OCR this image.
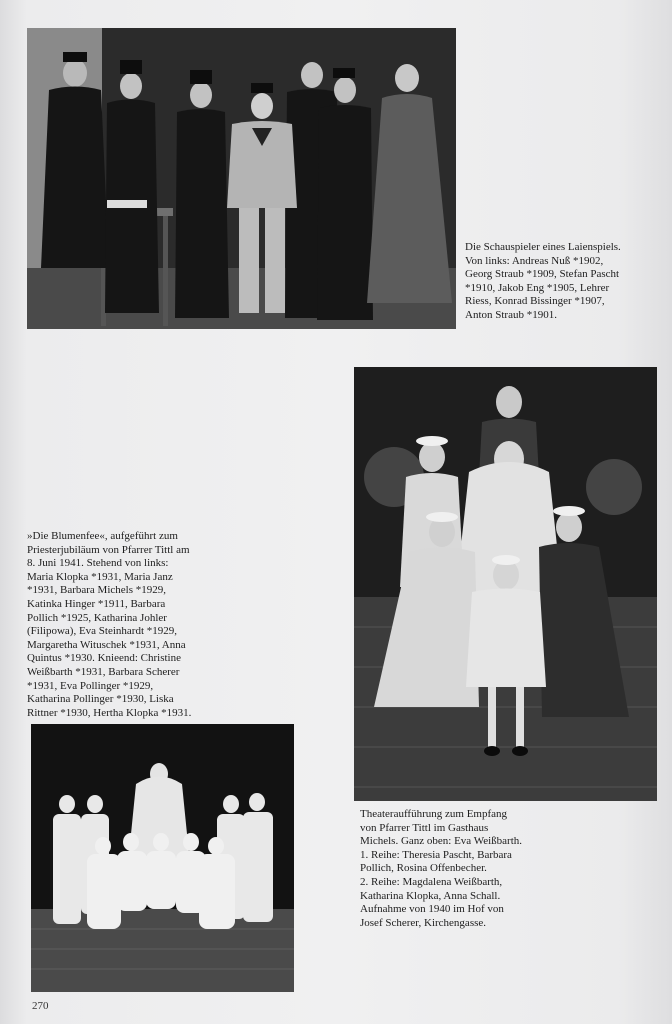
Die Schauspieler eines Laienspiels.

Von links: Andreas Nuß *1902,

Georg Straub *1909, Stefan Pascht

*1910, Jakob Eng *1905, Lehrer

Riess, Konrad Bissinger *1907,

Anton Straub *1901.

»Die Blumenfee«, aufgeführt zum

Priesterjubiläum von Pfarrer Tittl am

8. Juni 1941. Stehend von links:

Maria Klopka *1931, Maria Janz

*1931, Barbara Michels *1929,

Katinka Hinger *1911, Barbara

Pollich *1925, Katharina Johler

(Filipowa), Eva Steinhardt *1929,

Margaretha Wituschek *1931, Anna

Quintus *1930. Knieend: Christine

Weißbarth *1931, Barbara Scherer

*1931, Eva Pollinger *1929,

Katharina Pollinger *1930, Liska

Rittner *1930, Hertha Klopka *1931.

Theateraufführung zum Empfang

von Pfarrer Tittl im Gasthaus

Michels. Ganz oben: Eva Weißbarth.

1. Reihe: Theresia Pascht, Barbara

Pollich, Rosina Offenbecher.

2. Reihe: Magdalena Weißbarth,

Katharina Klopka, Anna Schall.

Aufnahme von 1940 im Hof von

Josef Scherer, Kirchengasse.

270
